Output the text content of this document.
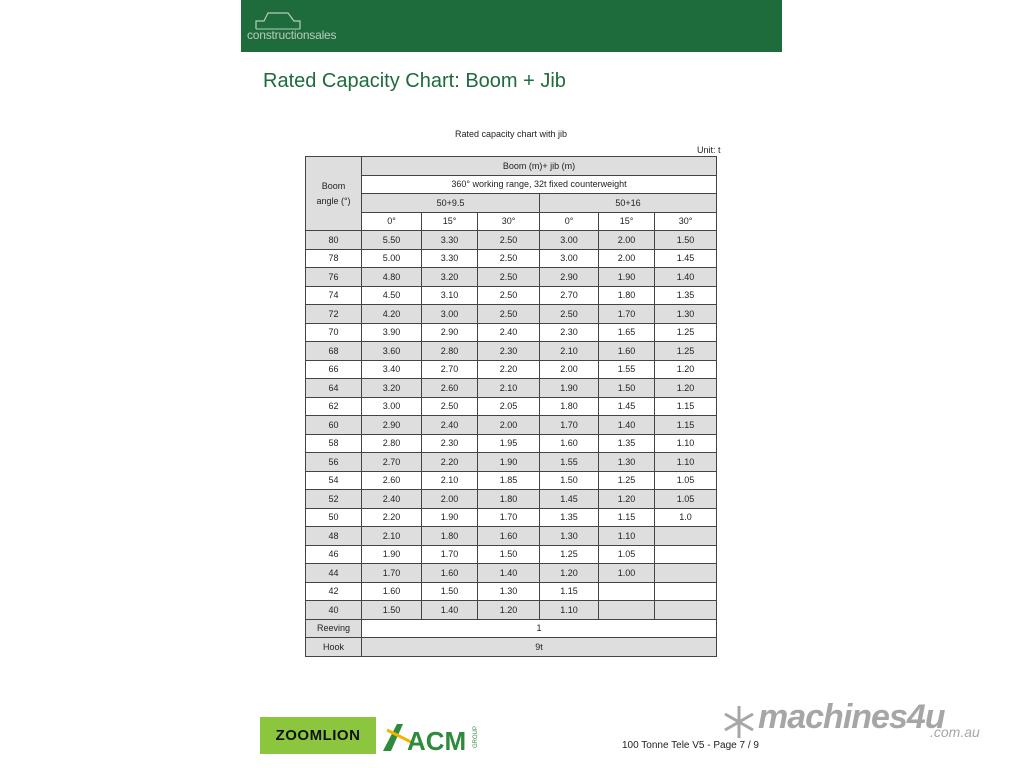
constructionsales
Rated Capacity Chart: Boom + Jib
Rated capacity chart with jib
Unit: t
Boom angle (°)	Boom (m)+ jib (m)					
	360° working range, 32t fixed counterweight					
	50+9.5			50+16		
	0°	15°	30°	0°	15°	30°
80	5.50	3.30	2.50	3.00	2.00	1.50
78	5.00	3.30	2.50	3.00	2.00	1.45
76	4.80	3.20	2.50	2.90	1.90	1.40
74	4.50	3.10	2.50	2.70	1.80	1.35
72	4.20	3.00	2.50	2.50	1.70	1.30
70	3.90	2.90	2.40	2.30	1.65	1.25
68	3.60	2.80	2.30	2.10	1.60	1.25
66	3.40	2.70	2.20	2.00	1.55	1.20
64	3.20	2.60	2.10	1.90	1.50	1.20
62	3.00	2.50	2.05	1.80	1.45	1.15
60	2.90	2.40	2.00	1.70	1.40	1.15
58	2.80	2.30	1.95	1.60	1.35	1.10
56	2.70	2.20	1.90	1.55	1.30	1.10
54	2.60	2.10	1.85	1.50	1.25	1.05
52	2.40	2.00	1.80	1.45	1.20	1.05
50	2.20	1.90	1.70	1.35	1.15	1.0
48	2.10	1.80	1.60	1.30	1.10	
46	1.90	1.70	1.50	1.25	1.05	
44	1.70	1.60	1.40	1.20	1.00	
42	1.60	1.50	1.30	1.15		
40	1.50	1.40	1.20	1.10		
Reeving	1					
Hook	9t					
ZOOMLION ACM GROUP
machines4u
.com.au
100 Tonne Tele V5 - Page 7 / 9
